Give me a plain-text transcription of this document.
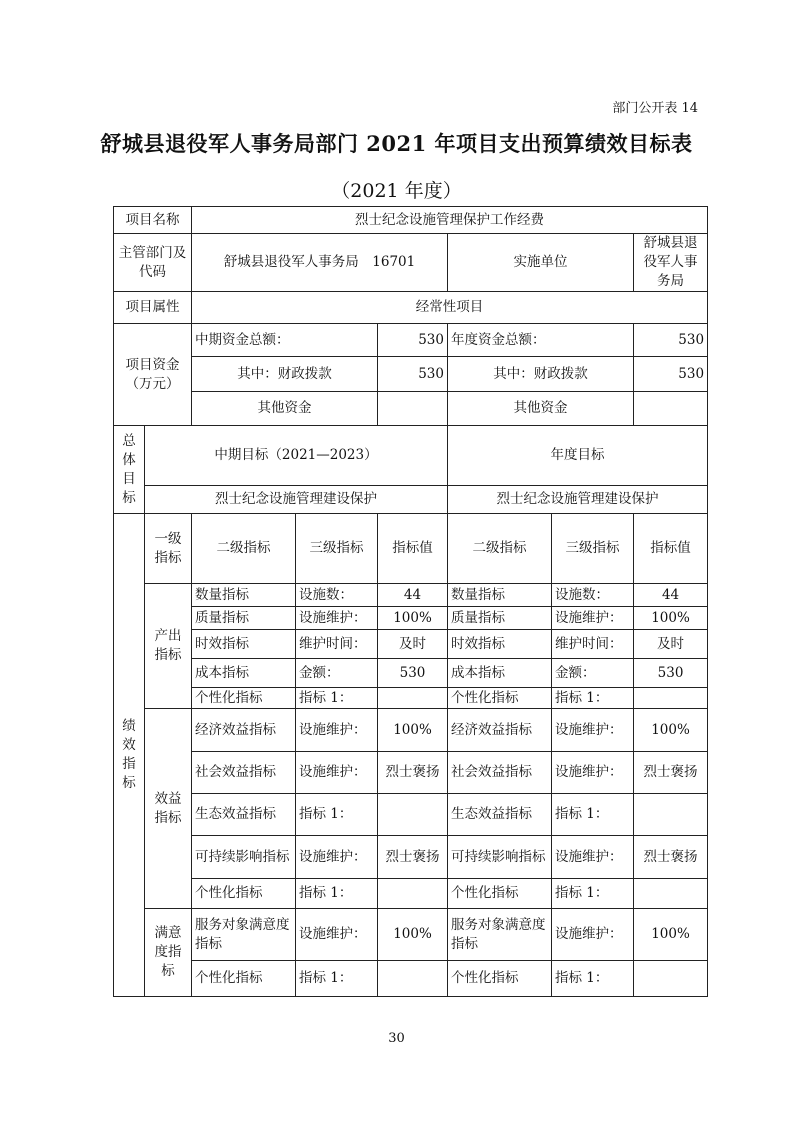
部门公开表 14
舒城县退役军人事务局部门 2021 年项目支出预算绩效目标表
（2021 年度）
项目名称		烈士纪念设施管理保护工作经费					
主管部门及代码		舒城县退役军人事务局　16701			实施单位		舒城县退役军人事务局
项目属性		经常性项目					
项目资金（万元）		中期资金总额：		530	年度资金总额：		530
		其中：财政拨款		530	其中：财政拨款		530
		其他资金			其他资金		
总体目标	中期目标（2021—2023）				年度目标		
	烈士纪念设施管理建设保护				烈士纪念设施管理建设保护		
绩效指标	一级指标	二级指标	三级指标	指标值	二级指标	三级指标	指标值
	产出指标	数量指标	设施数：	44	数量指标	设施数：	44
		质量指标	设施维护：	100%	质量指标	设施维护：	100%
		时效指标	维护时间：	及时	时效指标	维护时间：	及时
		成本指标	金额：	530	成本指标	金额：	530
		个性化指标	指标 1：		个性化指标	指标 1：	
	效益指标	经济效益指标	设施维护：	100%	经济效益指标	设施维护：	100%
		社会效益指标	设施维护：	烈士褒扬	社会效益指标	设施维护：	烈士褒扬
		生态效益指标	指标 1：		生态效益指标	指标 1：	
		可持续影响指标	设施维护：	烈士褒扬	可持续影响指标	设施维护：	烈士褒扬
		个性化指标	指标 1：		个性化指标	指标 1：	
	满意度指标	服务对象满意度指标	设施维护：	100%	服务对象满意度指标	设施维护：	100%
		个性化指标	指标 1：		个性化指标	指标 1：	
30
